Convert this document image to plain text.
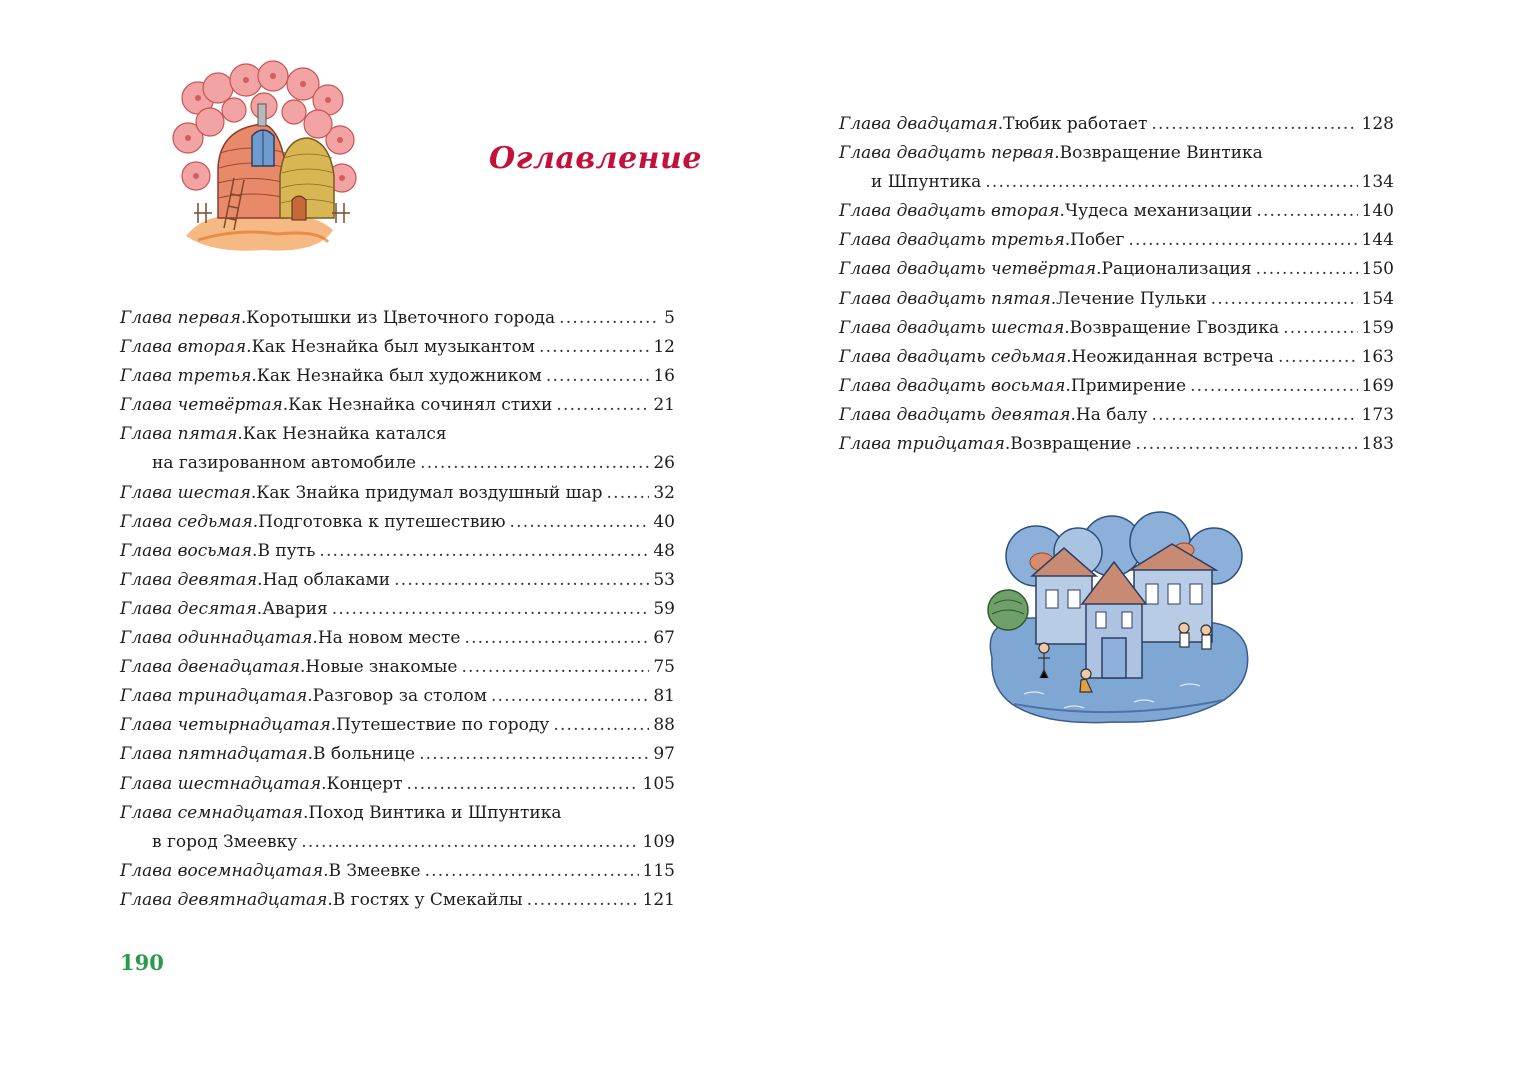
Оглавление
Глава первая . Коротышки из Цветочного города .....	5
Глава вторая . Как Незнайка был музыкантом .....	12
Глава третья . Как Незнайка был художником .....	16
Глава четвёртая . Как Незнайка сочинял стихи .....	21
Глава пятая . Как Незнайка катался
на газированном автомобиле .....	26
Глава шестая . Как Знайка придумал воздушный шар .....	32
Глава седьмая . Подготовка к путешествию .....	40
Глава восьмая . В путь .....	48
Глава девятая . Над облаками .....	53
Глава десятая . Авария .....	59
Глава одиннадцатая . На новом месте .....	67
Глава двенадцатая . Новые знакомые .....	75
Глава тринадцатая . Разговор за столом .....	81
Глава четырнадцатая . Путешествие по городу .....	88
Глава пятнадцатая . В больнице .....	97
Глава шестнадцатая . Концерт .....	105
Глава семнадцатая . Поход Винтика и Шпунтика
в город Змеевку .....	109
Глава восемнадцатая . В Змеевке .....	115
Глава девятнадцатая . В гостях у Смекайлы .....	121
Глава двадцатая . Тюбик работает .....	128
Глава двадцать первая . Возвращение Винтика
и Шпунтика .....	134
Глава двадцать вторая . Чудеса механизации .....	140
Глава двадцать третья . Побег .....	144
Глава двадцать четвёртая . Рационализация .....	150
Глава двадцать пятая . Лечение Пульки .....	154
Глава двадцать шестая . Возвращение Гвоздика .....	159
Глава двадцать седьмая . Неожиданная встреча .....	163
Глава двадцать восьмая . Примирение .....	169
Глава двадцать девятая . На балу .....	173
Глава тридцатая . Возвращение .....	183
190
